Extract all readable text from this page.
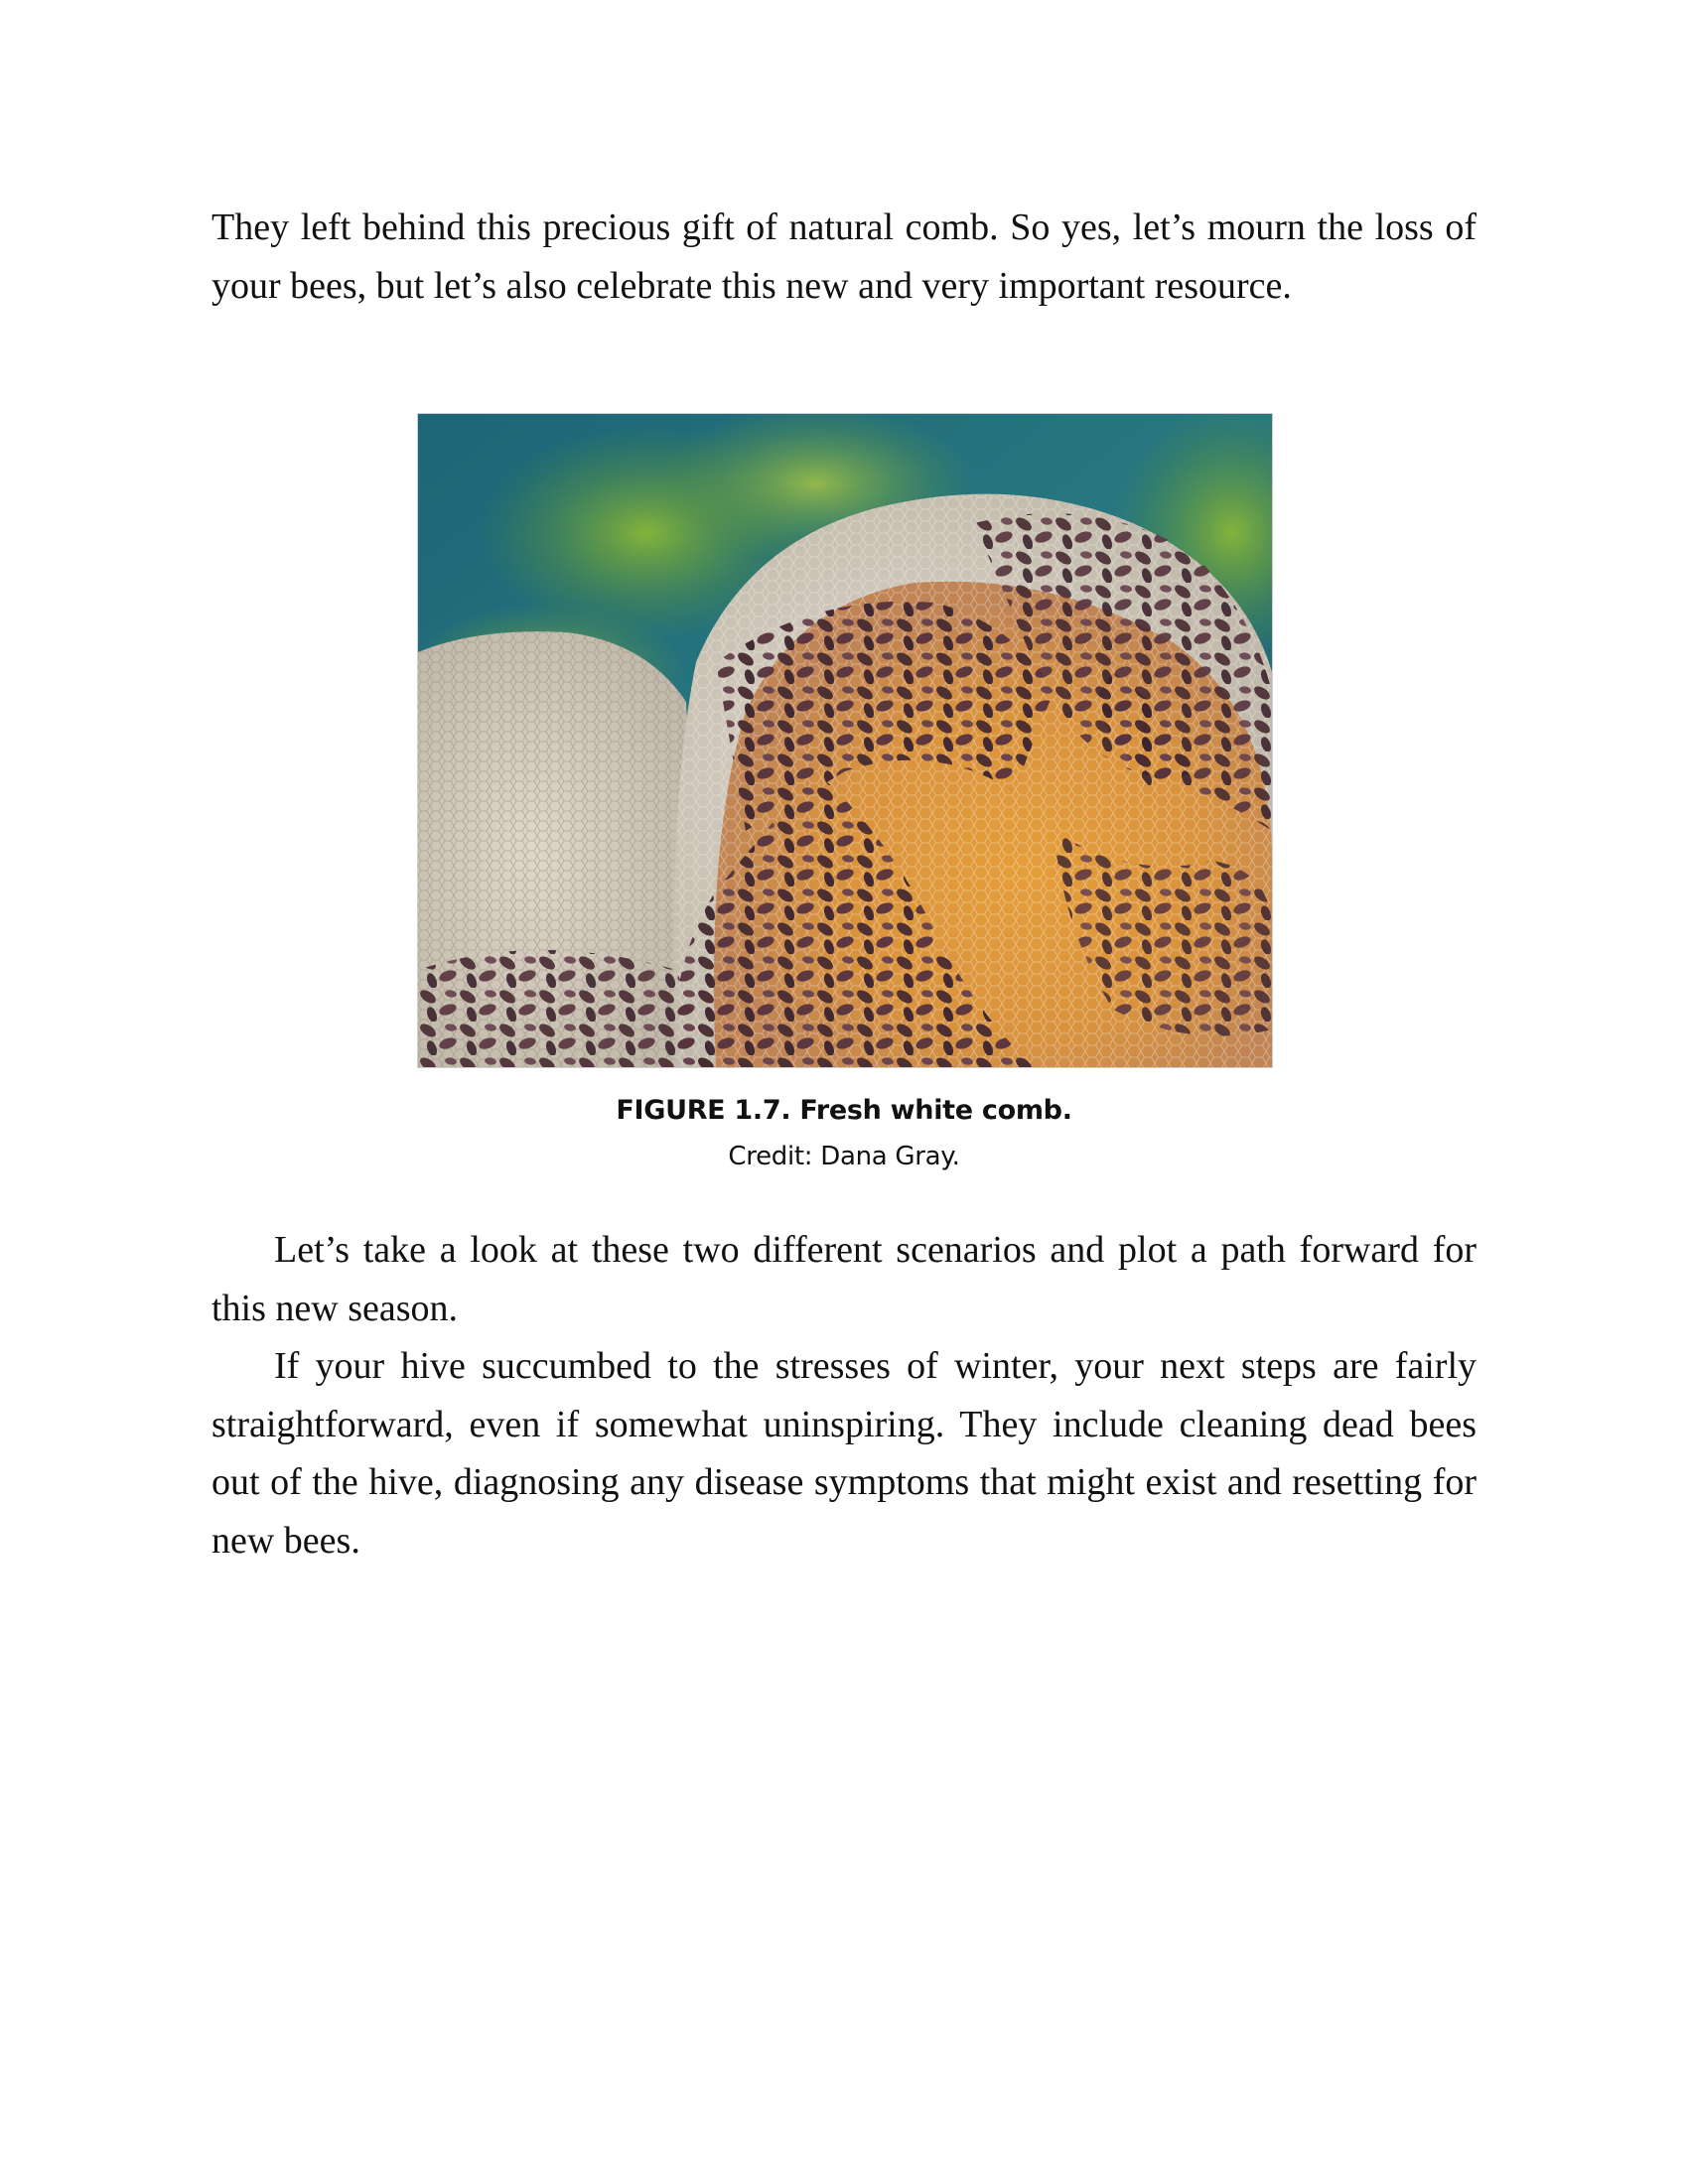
They left behind this precious gift of natural comb. So yes, let’s mourn the loss of your bees, but let’s also celebrate this new and very important resource.

FIGURE 1.7. Fresh white comb.
Credit: Dana Gray.

Let’s take a look at these two different scenarios and plot a path forward for this new season.

If your hive succumbed to the stresses of winter, your next steps are fairly straightforward, even if somewhat uninspiring. They include cleaning dead bees out of the hive, diagnosing any disease symptoms that might exist and resetting for new bees.
